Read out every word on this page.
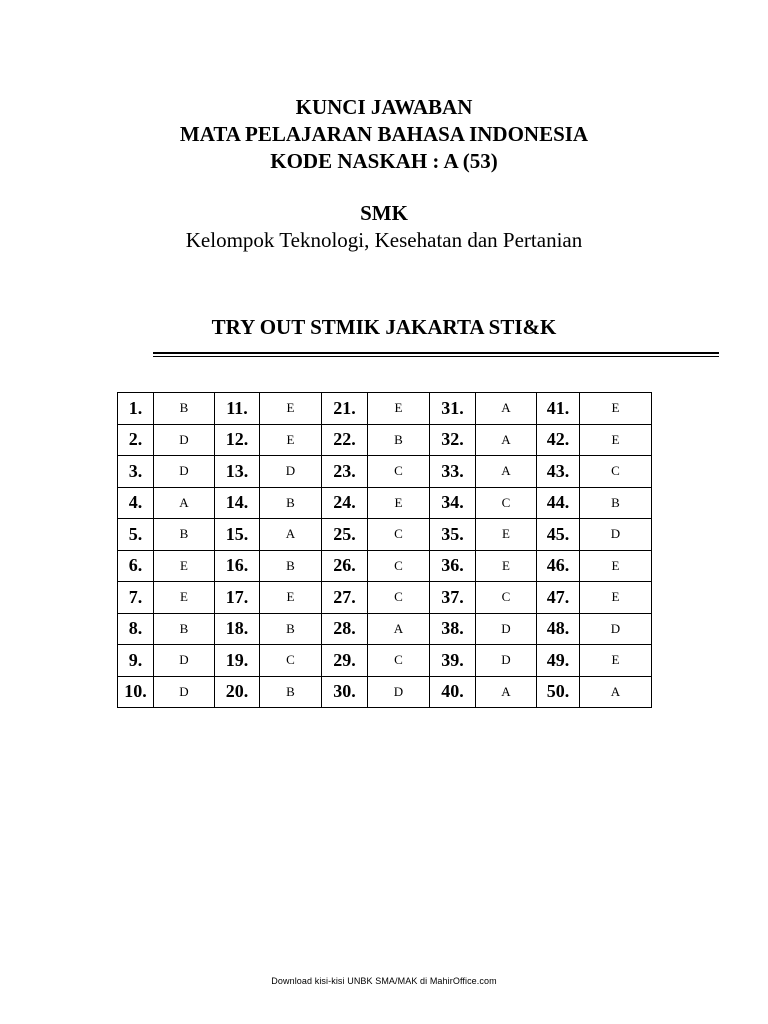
KUNCI JAWABAN
MATA PELAJARAN BAHASA INDONESIA
KODE NASKAH : A (53)
SMK
Kelompok Teknologi, Kesehatan dan Pertanian
TRY OUT STMIK JAKARTA STI&K
1.	B	11.	E	21.	E	31.	A	41.	E
2.	D	12.	E	22.	B	32.	A	42.	E
3.	D	13.	D	23.	C	33.	A	43.	C
4.	A	14.	B	24.	E	34.	C	44.	B
5.	B	15.	A	25.	C	35.	E	45.	D
6.	E	16.	B	26.	C	36.	E	46.	E
7.	E	17.	E	27.	C	37.	C	47.	E
8.	B	18.	B	28.	A	38.	D	48.	D
9.	D	19.	C	29.	C	39.	D	49.	E
10.	D	20.	B	30.	D	40.	A	50.	A
Download kisi-kisi UNBK SMA/MAK di MahirOffice.com
